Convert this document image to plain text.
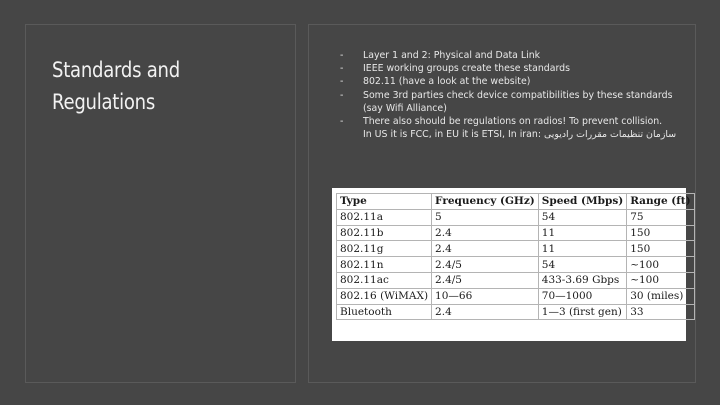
Standards and
Regulations
- Layer 1 and 2: Physical and Data Link
- IEEE working groups create these standards
- 802.11 (have a look at the website)
- Some 3rd parties check device compatibilities by these standards
(say Wifi Alliance)
- There also should be regulations on radios! To prevent collision.
In US it is FCC, in EU it is ETSI, In iran: سازمان تنظیمات مقررات رادیویی
Type	Frequency (GHz)	Speed (Mbps)	Range (ft)
802.11a	5	54	75
802.11b	2.4	11	150
802.11g	2.4	11	150
802.11n	2.4/5	54	~100
802.11ac	2.4/5	433-3.69 Gbps	~100
802.16 (WiMAX)	10—66	70—1000	30 (miles)
Bluetooth	2.4	1—3 (first gen)	33
